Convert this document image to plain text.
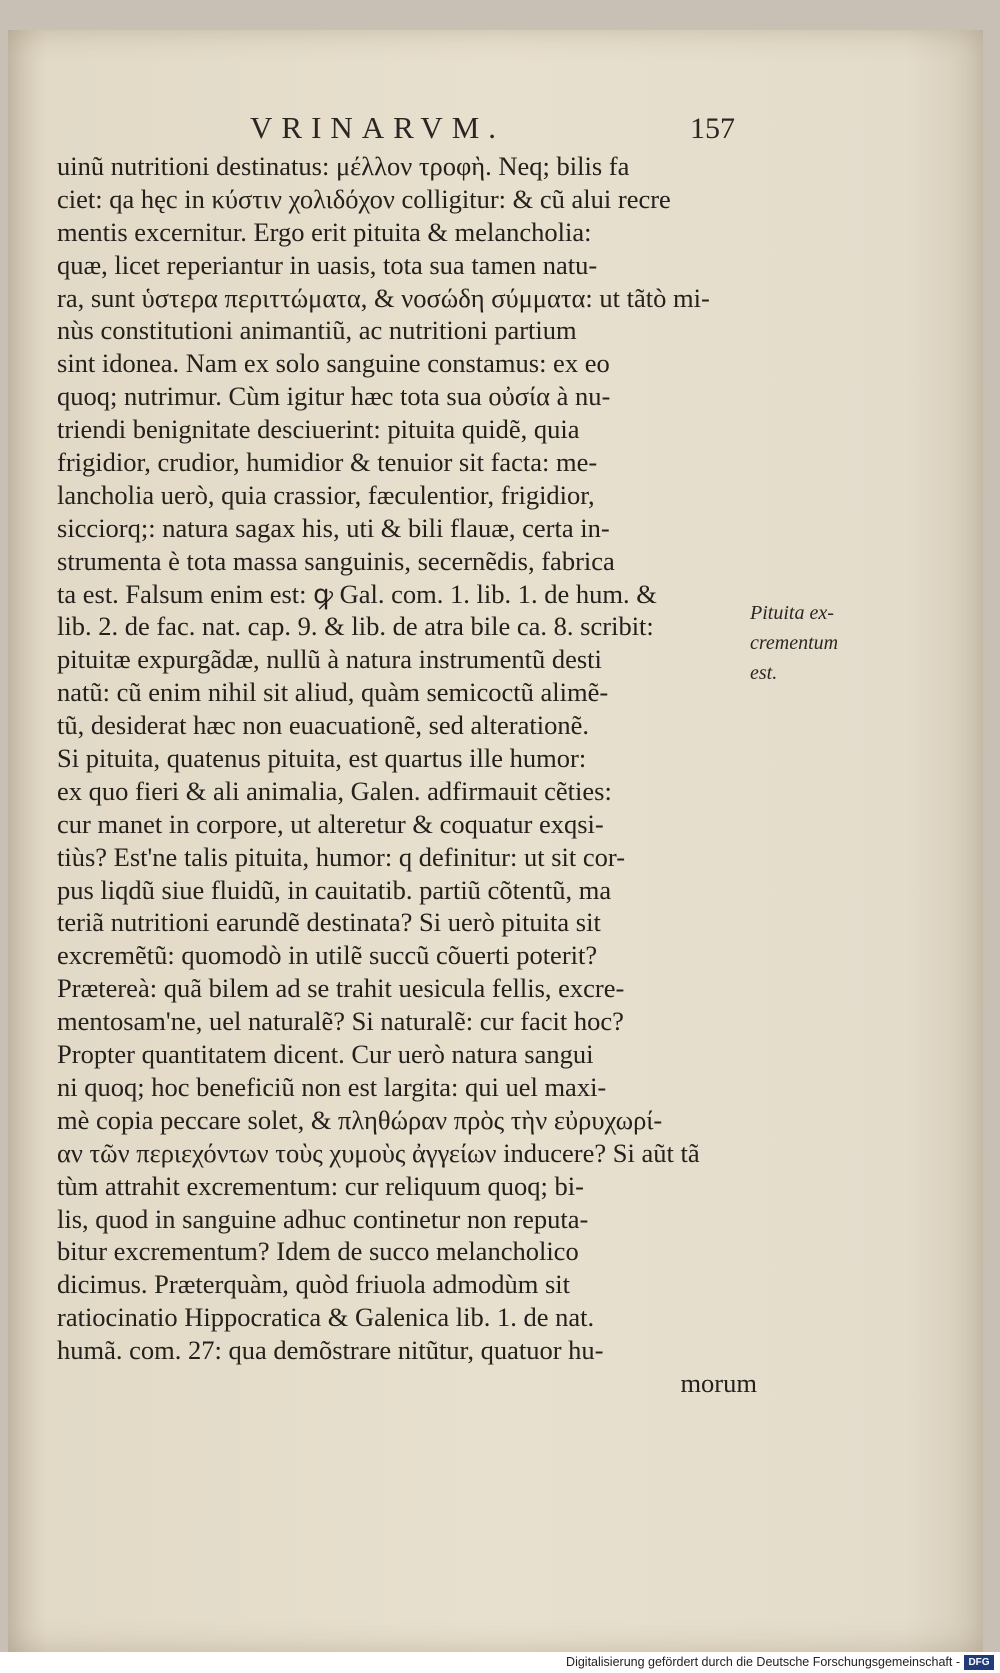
VRINARVM.	157
uinũ nutritioni destinatus: μέλλον τροφὴ. Neq; bilis fa
ciet: qa hęc in κύστιν χολιδόχον colligitur: & cũ alui recre
mentis excernitur. Ergo erit pituita & melancholia:
quæ, licet reperiantur in uasis, tota sua tamen natu-
ra, sunt ὑστερα περιττώματα, & νοσώδη σύμματα: ut tãtò mi-
nùs constitutioni animantiũ, ac nutritioni partium
sint idonea. Nam ex solo sanguine constamus: ex eo
quoq; nutrimur. Cùm igitur hæc tota sua οὐσία à nu-
triendi benignitate desciuerint: pituita quidẽ, quia
frigidior, crudior, humidior & tenuior sit facta: me-
lancholia uerò, quia crassior, fæculentior, frigidior,
sicciorq;: natura sagax his, uti & bili flauæ, certa in-
strumenta è tota massa sanguinis, secernẽdis, fabrica
ta est. Falsum enim est: ꝙ Gal. com. 1. lib. 1. de hum. &
lib. 2. de fac. nat. cap. 9. & lib. de atra bile ca. 8. scribit:
pituitæ expurgãdæ, nullũ à natura instrumentũ desti
natũ: cũ enim nihil sit aliud, quàm semicoctũ alimẽ-
tũ, desiderat hæc non euacuationẽ, sed alterationẽ.
Si pituita, quatenus pituita, est quartus ille humor:
ex quo fieri & ali animalia, Galen. adfirmauit cẽties:
cur manet in corpore, ut alteretur & coquatur exqsi-
tiùs? Est'ne talis pituita, humor: q definitur: ut sit cor-
pus liqdũ siue fluidũ, in cauitatib. partiũ cõtentũ, ma
teriã nutritioni earundẽ destinata? Si uerò pituita sit
excremẽtũ: quomodò in utilẽ succũ cõuerti poterit?
Prætereà: quã bilem ad se trahit uesicula fellis, excre-
mentosam'ne, uel naturalẽ? Si naturalẽ: cur facit hoc?
Propter quantitatem dicent. Cur uerò natura sangui
ni quoq; hoc beneficiũ non est largita: qui uel maxi-
mè copia peccare solet, & πληθώραν πρὸς τὴν εὐρυχωρί-
αν τῶν περιεχόντων τοὺς χυμοὺς ἀγγείων inducere? Si aũt tã
tùm attrahit excrementum: cur reliquum quoq; bi-
lis, quod in sanguine adhuc continetur non reputa-
bitur excrementum? Idem de succo melancholico
dicimus. Præterquàm, quòd friuola admodùm sit
ratiocinatio Hippocratica & Galenica lib. 1. de nat.
humã. com. 27: qua demõstrare nitũtur, quatuor hu-
morum
Pituita ex-
crementum
est.
Digitalisierung gefördert durch die Deutsche Forschungsgemeinschaft - DFG
